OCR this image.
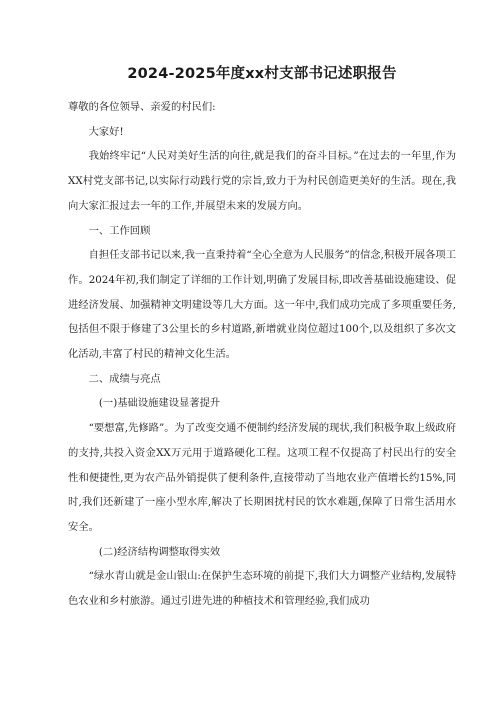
2024-2025年度xx村支部书记述职报告

尊敬的各位领导、亲爱的村民们:

大家好!

我始终牢记“人民对美好生活的向往,就是我们的奋斗目标。”在过去的一年里,作为XX村党支部书记,以实际行动践行党的宗旨,致力于为村民创造更美好的生活。现在,我向大家汇报过去一年的工作,并展望未来的发展方向。

一、工作回顾

自担任支部书记以来,我一直秉持着“全心全意为人民服务”的信念,积极开展各项工作。2024年初,我们制定了详细的工作计划,明确了发展目标,即改善基础设施建设、促进经济发展、加强精神文明建设等几大方面。这一年中,我们成功完成了多项重要任务,包括但不限于修建了3公里长的乡村道路,新增就业岗位超过100个,以及组织了多次文化活动,丰富了村民的精神文化生活。

二、成绩与亮点

(一)基础设施建设显著提升

“要想富,先修路”。为了改变交通不便制约经济发展的现状,我们积极争取上级政府的支持,共投入资金XX万元用于道路硬化工程。这项工程不仅提高了村民出行的安全性和便捷性,更为农产品外销提供了便利条件,直接带动了当地农业产值增长约15%,同时,我们还新建了一座小型水库,解决了长期困扰村民的饮水难题,保障了日常生活用水安全。

(二)经济结构调整取得实效

“绿水青山就是金山银山:在保护生态环境的前提下,我们大力调整产业结构,发展特色农业和乡村旅游。通过引进先进的种植技术和管理经验,我们成功
